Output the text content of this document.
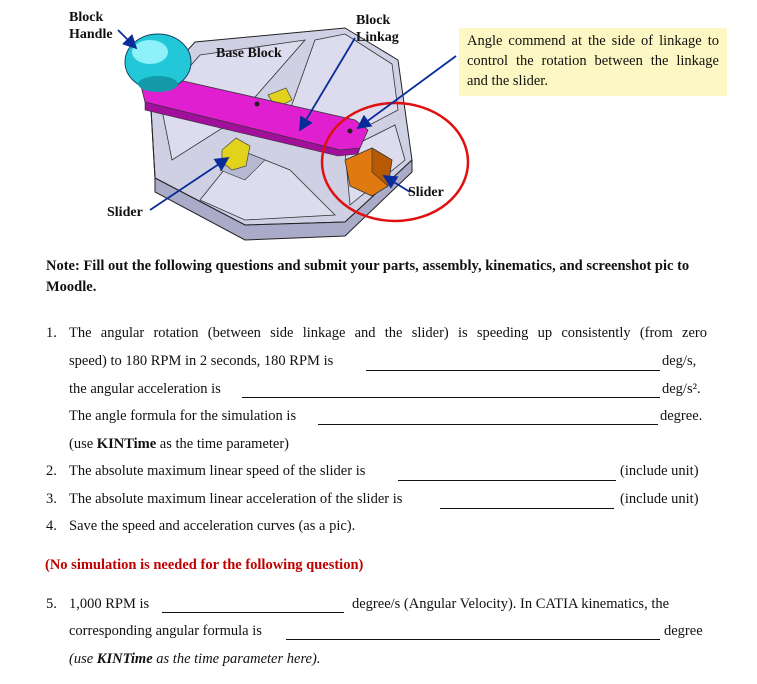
Block
Handle
Base Block
Block
Linkag
Slider
Slider
Angle commend at the side of linkage to control the rotation between the linkage and the slider.
Note: Fill out the following questions and submit your parts, assembly, kinematics, and screenshot pic to Moodle.
1. The angular rotation (between side linkage and the slider) is speeding up consistently (from zero
speed) to 180 RPM in 2 seconds, 180 RPM is	deg/s,
the angular acceleration is	deg/s².
The angle formula for the simulation is	degree.
(use KINTime as the time parameter)
2. The absolute maximum linear speed of the slider is	(include unit)
3. The absolute maximum linear acceleration of the slider is	(include unit)
4. Save the speed and acceleration curves (as a pic).
(No simulation is needed for the following question)
5. 1,000 RPM is	degree/s (Angular Velocity). In CATIA kinematics, the
corresponding angular formula is	degree
(use KINTime as the time parameter here).
